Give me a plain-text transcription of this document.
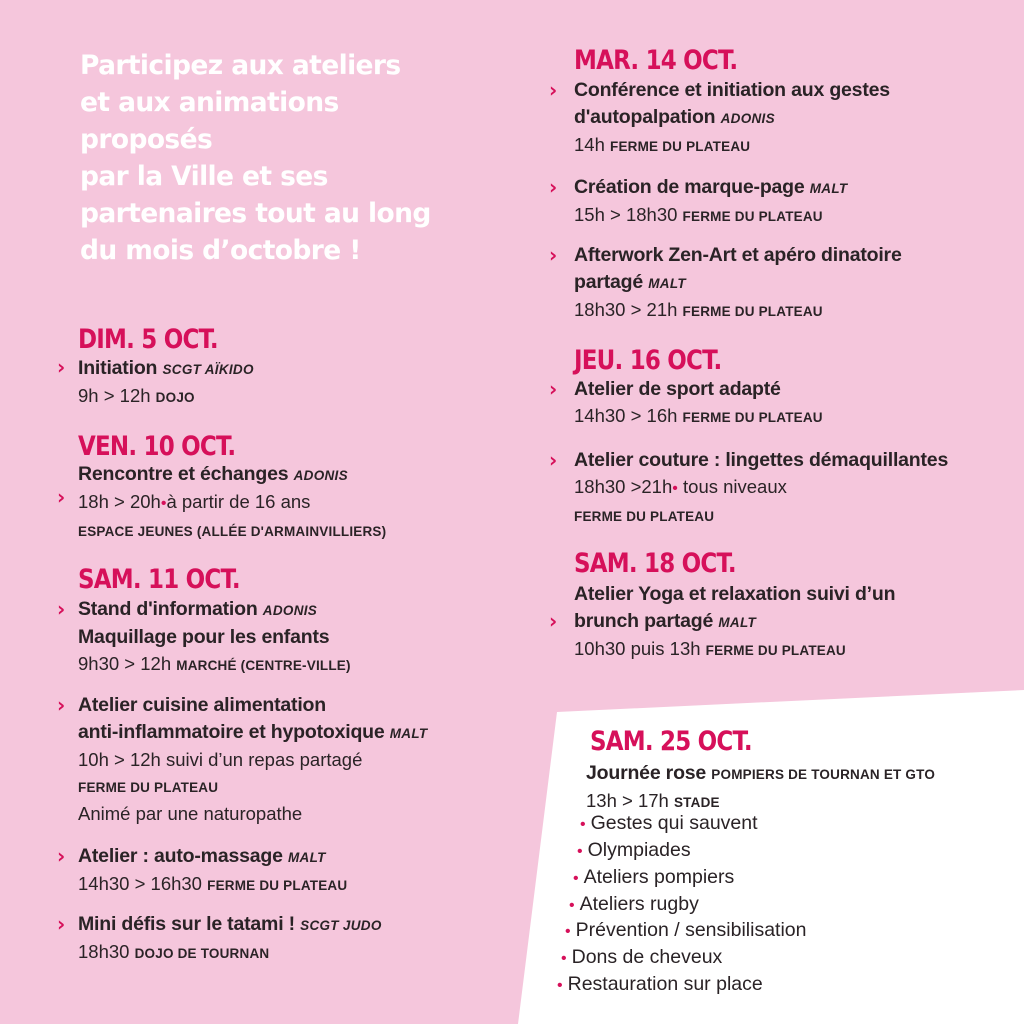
Participez aux ateliers
et aux animations
proposés
par la Ville et ses
partenaires tout au long
du mois d’octobre !
DIM. 5 OCT.
› Initiation SCGT AÏKIDO
9h > 12h DOJO
VEN. 10 OCT.
›
Rencontre et échanges ADONIS
18h > 20h•à partir de 16 ans
ESPACE JEUNES (ALLÉE D'ARMAINVILLIERS)
SAM. 11 OCT.
› Stand d'information ADONIS
Maquillage pour les enfants
9h30 > 12h MARCHÉ (CENTRE-VILLE)
› Atelier cuisine alimentation
anti-inflammatoire et hypotoxique MALT
10h > 12h suivi d’un repas partagé
FERME DU PLATEAU
Animé par une naturopathe
› Atelier : auto-massage MALT
14h30 > 16h30 FERME DU PLATEAU
› Mini défis sur le tatami ! SCGT JUDO
18h30 DOJO DE TOURNAN
MAR. 14 OCT.
› Conférence et initiation aux gestes
d'autopalpation ADONIS
14h FERME DU PLATEAU
› Création de marque-page MALT
15h > 18h30 FERME DU PLATEAU
› Afterwork Zen-Art et apéro dinatoire
partagé MALT
18h30 > 21h FERME DU PLATEAU
JEU. 16 OCT.
› Atelier de sport adapté
14h30 > 16h FERME DU PLATEAU
› Atelier couture : lingettes démaquillantes
18h30 >21h• tous niveaux
FERME DU PLATEAU
SAM. 18 OCT.
›
Atelier Yoga et relaxation suivi d’un
brunch partagé MALT
10h30 puis 13h FERME DU PLATEAU
SAM. 25 OCT.
Journée rose POMPIERS DE TOURNAN ET GTO
13h > 17h STADE
• Gestes qui sauvent
• Olympiades
• Ateliers pompiers
• Ateliers rugby
• Prévention / sensibilisation
• Dons de cheveux
• Restauration sur place
